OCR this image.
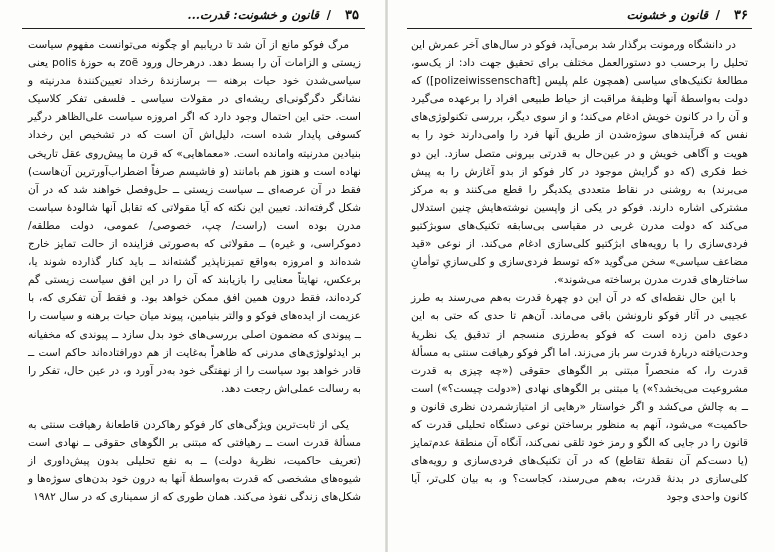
۳۵
/
قانون و خشونت: قدرت...

مرگ فوکو مانع از آن شد تا دریابیم او چگونه می‌توانست مفهوم سیاست زیستی و الزامات آن را بسط دهد. درهرحال ورود zoë به حوزهٔ polis یعنی سیاسی‌شدن خود حیات برهنه — برسازندهٔ رخداد تعیین‌کنندهٔ مدرنیته و نشانگر دگرگونی‌ای ریشه‌ای در مقولات سیاسی ـ فلسفی تفکر کلاسیک است. حتی این احتمال وجود دارد که اگر امروزه سیاست علی‌الظاهر درگیر کسوفی پایدار شده است، دلیل‌اش آن است که در تشخیص این رخداد بنیادین مدرنیته وامانده است. «معماهایی» که قرن ما پیش‌روی عقل تاریخی نهاده است و هنوز هم بامانند (و فاشیسم صرفاً اضطراب‌آورترین آن‌هاست) فقط در آن عرصه‌ای ــ سیاست زیستی ــ حل‌وفصل خواهند شد که در آن شکل گرفته‌اند. تعیین این نکته که آیا مقولاتی که تقابل آنها شالودهٔ سیاست مدرن بوده است (راست/ چپ، خصوصی/ عمومی، دولت مطلقه/ دموکراسی، و غیره) ــ مقولاتی که به‌صورتی فزاینده از حالت تمایز خارج شده‌اند و امروزه به‌واقع تمیزناپذیر گشته‌اند ــ باید کنار گذارده شوند یا، برعکس، نهایتاً معنایی را بازیابند که آن را در این افق سیاست زیستی گم کرده‌اند، فقط درون همین افق ممکن خواهد بود. و فقط آن تفکری که، با عزیمت از ایده‌های فوکو و والتر بنیامین، پیوند میان حیات برهنه و سیاست را ــ پیوندی که مضمون اصلی بررسی‌های خود بدل سازد ــ پیوندی که مخفیانه بر ایدئولوژی‌های مدرنی که ظاهراً به‌غایت از هم دورافتاده‌اند حاکم است ــ قادر خواهد بود سیاست را از نهفتگی خود به‌در آورد و، در عین حال، تفکر را به رسالت عملی‌اش رجعت دهد.

یکی از ثابت‌ترین ویژگی‌های کار فوکو رهاکردن قاطعانهٔ رهیافت سنتی به مسألهٔ قدرت است ــ رهیافتی که مبتنی بر الگوهای حقوقی ــ نهادی است (تعریف حاکمیت، نظریهٔ دولت) ــ به نفع تحلیلی بدون پیش‌داوری از شیوه‌های مشخصی که قدرت به‌واسطهٔ آنها به درون خود بدن‌های سوژه‌ها و شکل‌های زندگی نفوذ می‌کند. همان طوری که از سمیناری که در سال ۱۹۸۲

۳۶
/
قانون و خشونت

در دانشگاه ورمونت برگذار شد برمی‌آید، فوکو در سال‌های آخر عمرش این تحلیل را برحسب دو دستورالعمل مختلف برای تحقیق جهت داد: از یک‌سو، مطالعهٔ تکنیک‌های سیاسی (همچون علم پلیس [polizeiwissenschaft]) که دولت به‌واسطهٔ آنها وظیفهٔ مراقبت از حیاط طبیعی افراد را برعهده می‌گیرد و آن را در کانون خویش ادغام می‌کند؛ و از سوی دیگر، بررسی تکنولوژی‌های نفس که فرآیندهای سوژه‌شدن از طریق آنها فرد را وامی‌دارند خود را به هویت و آگاهی خویش و در عین‌حال به قدرتی بیرونی متصل سازد. این دو خط فکری (که دو گرایش موجود در کار فوکو از بدو آغازش را به پیش می‌برند) به روشنی در نقاط متعددی یکدیگر را قطع می‌کنند و به مرکز مشترکی اشاره دارند. فوکو در یکی از واپسین نوشته‌هایش چنین استدلال می‌کند که دولت مدرن غربی در مقیاسی بی‌سابقه تکنیک‌های سوبژکتیو فردی‌سازی را با رویه‌های ابژکتیو کلی‌سازی ادغام می‌کند. از نوعی «قید مضاعف سیاسی» سخن می‌گوید «که توسط فردی‌سازی و کلی‌سازیِ توأمانِ ساختارهای قدرت مدرن برساخته می‌شوند».

با این حال نقطه‌ای که در آن این دو چهرهٔ قدرت به‌هم می‌رسند به طرز عجیبی در آثار فوکو نارونشن باقی می‌ماند. آن‌هم تا حدی که حتی به این دعوی دامن زده است که فوکو به‌طرزی منسجم از تدقیق یک نظریهٔ وحدت‌یافته دربارهٔ قدرت سر باز می‌زند. اما اگر فوکو رهیافت سنتی به مسألهٔ قدرت را، که منحصراً مبتنی بر الگوهای حقوقی («چه چیزی به قدرت مشروعیت می‌بخشد؟») یا مبتنی بر الگوهای نهادی («دولت چیست؟») است ــ به چالش می‌کشد و اگر خواستار «رهایی از امتیازشمردن نظری قانون و حاکمیت» می‌شود، آنهم به منظور برساختن نوعی دستگاه تحلیلی قدرت که قانون را در جایی که الگو و رمز خود تلقی نمی‌کند، آنگاه آن منطقهٔ عدم‌تمایز (یا دست‌کم آن نقطهٔ تقاطع) که در آن تکنیک‌های فردی‌سازی و رویه‌های کلی‌سازی در بدنهٔ قدرت، به‌هم می‌رسند، کجاست؟ و، به بیان کلی‌تر، آیا کانون واحدی وجود
